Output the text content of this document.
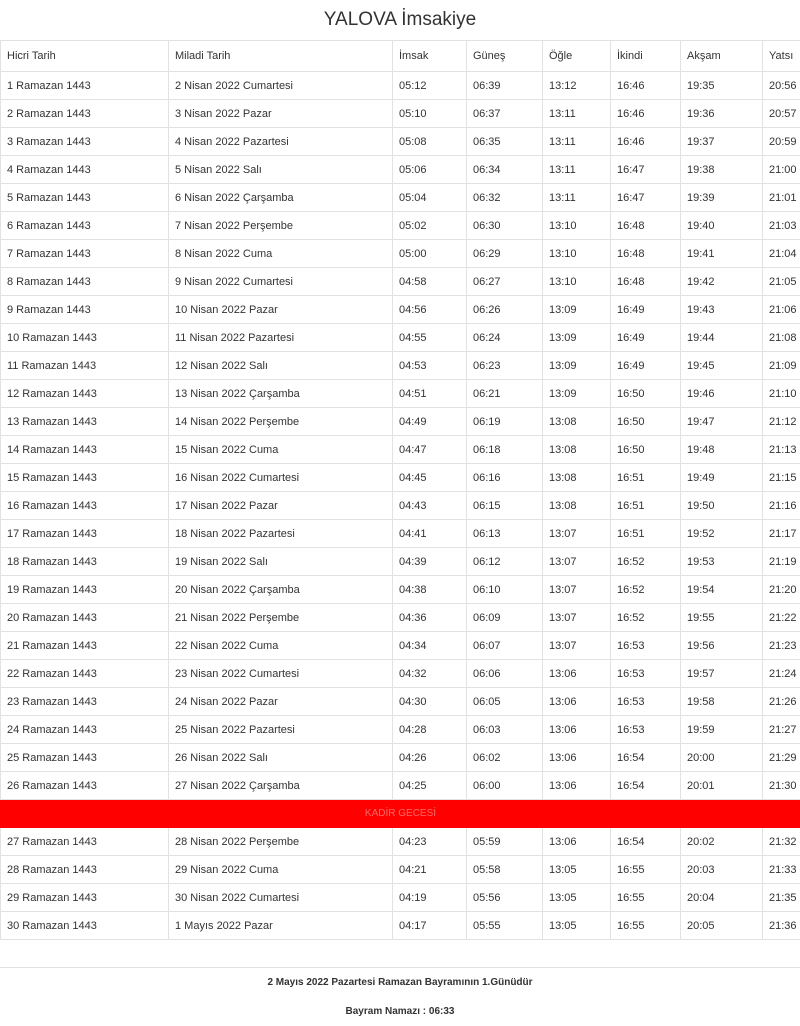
YALOVA İmsakiye
Hicri Tarih	Miladi Tarih	İmsak	Güneş	Öğle	İkindi	Akşam	Yatsı
1 Ramazan 1443	2 Nisan 2022 Cumartesi	05:12	06:39	13:12	16:46	19:35	20:56
2 Ramazan 1443	3 Nisan 2022 Pazar	05:10	06:37	13:11	16:46	19:36	20:57
3 Ramazan 1443	4 Nisan 2022 Pazartesi	05:08	06:35	13:11	16:46	19:37	20:59
4 Ramazan 1443	5 Nisan 2022 Salı	05:06	06:34	13:11	16:47	19:38	21:00
5 Ramazan 1443	6 Nisan 2022 Çarşamba	05:04	06:32	13:11	16:47	19:39	21:01
6 Ramazan 1443	7 Nisan 2022 Perşembe	05:02	06:30	13:10	16:48	19:40	21:03
7 Ramazan 1443	8 Nisan 2022 Cuma	05:00	06:29	13:10	16:48	19:41	21:04
8 Ramazan 1443	9 Nisan 2022 Cumartesi	04:58	06:27	13:10	16:48	19:42	21:05
9 Ramazan 1443	10 Nisan 2022 Pazar	04:56	06:26	13:09	16:49	19:43	21:06
10 Ramazan 1443	11 Nisan 2022 Pazartesi	04:55	06:24	13:09	16:49	19:44	21:08
11 Ramazan 1443	12 Nisan 2022 Salı	04:53	06:23	13:09	16:49	19:45	21:09
12 Ramazan 1443	13 Nisan 2022 Çarşamba	04:51	06:21	13:09	16:50	19:46	21:10
13 Ramazan 1443	14 Nisan 2022 Perşembe	04:49	06:19	13:08	16:50	19:47	21:12
14 Ramazan 1443	15 Nisan 2022 Cuma	04:47	06:18	13:08	16:50	19:48	21:13
15 Ramazan 1443	16 Nisan 2022 Cumartesi	04:45	06:16	13:08	16:51	19:49	21:15
16 Ramazan 1443	17 Nisan 2022 Pazar	04:43	06:15	13:08	16:51	19:50	21:16
17 Ramazan 1443	18 Nisan 2022 Pazartesi	04:41	06:13	13:07	16:51	19:52	21:17
18 Ramazan 1443	19 Nisan 2022 Salı	04:39	06:12	13:07	16:52	19:53	21:19
19 Ramazan 1443	20 Nisan 2022 Çarşamba	04:38	06:10	13:07	16:52	19:54	21:20
20 Ramazan 1443	21 Nisan 2022 Perşembe	04:36	06:09	13:07	16:52	19:55	21:22
21 Ramazan 1443	22 Nisan 2022 Cuma	04:34	06:07	13:07	16:53	19:56	21:23
22 Ramazan 1443	23 Nisan 2022 Cumartesi	04:32	06:06	13:06	16:53	19:57	21:24
23 Ramazan 1443	24 Nisan 2022 Pazar	04:30	06:05	13:06	16:53	19:58	21:26
24 Ramazan 1443	25 Nisan 2022 Pazartesi	04:28	06:03	13:06	16:53	19:59	21:27
25 Ramazan 1443	26 Nisan 2022 Salı	04:26	06:02	13:06	16:54	20:00	21:29
26 Ramazan 1443	27 Nisan 2022 Çarşamba	04:25	06:00	13:06	16:54	20:01	21:30
KADİR GECESİ							
27 Ramazan 1443	28 Nisan 2022 Perşembe	04:23	05:59	13:06	16:54	20:02	21:32
28 Ramazan 1443	29 Nisan 2022 Cuma	04:21	05:58	13:05	16:55	20:03	21:33
29 Ramazan 1443	30 Nisan 2022 Cumartesi	04:19	05:56	13:05	16:55	20:04	21:35
30 Ramazan 1443	1 Mayıs 2022 Pazar	04:17	05:55	13:05	16:55	20:05	21:36
2 Mayıs 2022 Pazartesi Ramazan Bayramının 1.Günüdür
Bayram Namazı : 06:33
